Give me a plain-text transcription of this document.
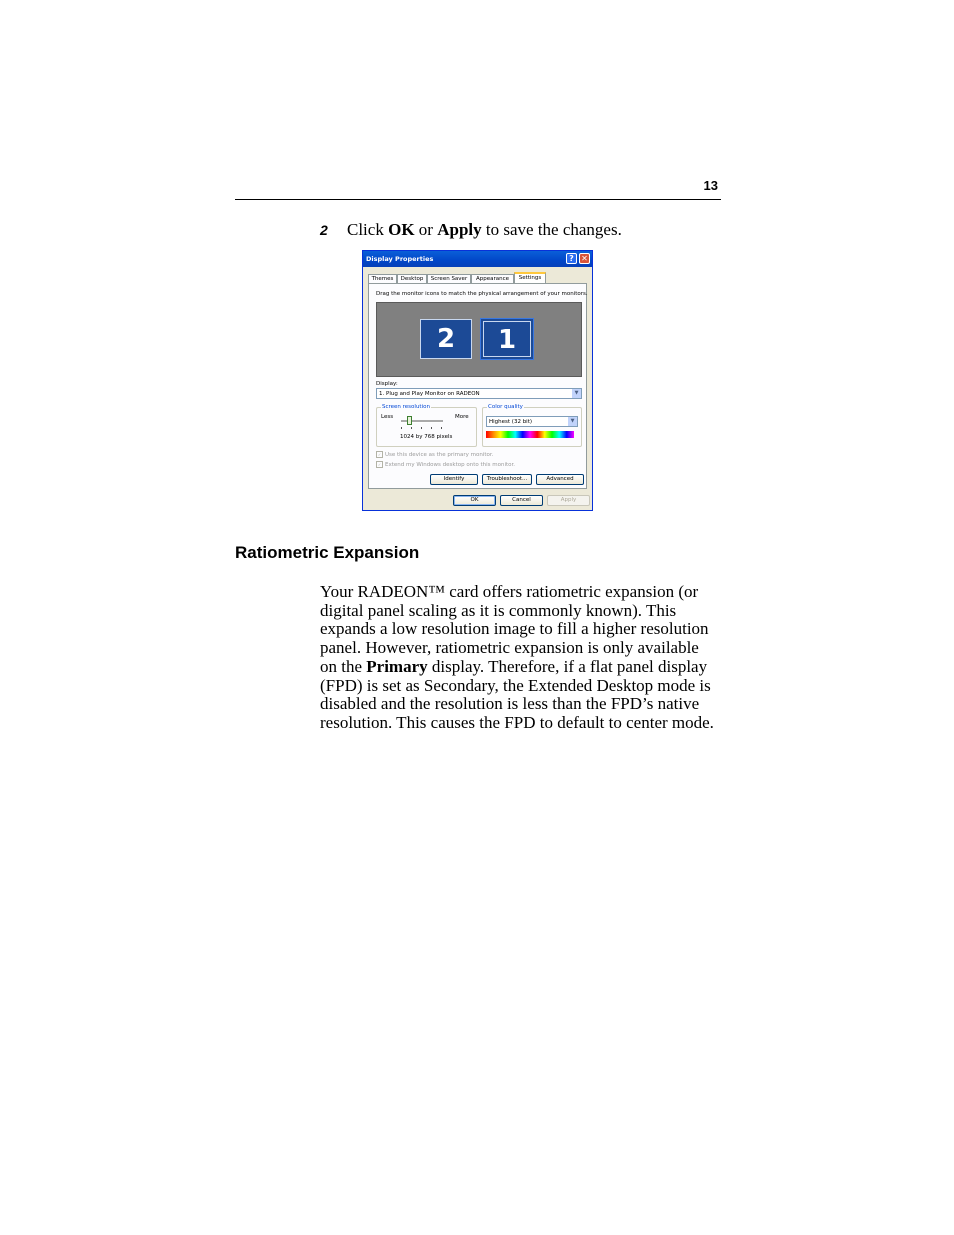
13
2 Click OK or Apply to save the changes.
Display Properties	? ✕
Themes	Desktop	Screen Saver	Appearance	Settings
Drag the monitor icons to match the physical arrangement of your monitors.
2	1
Display:
1. Plug and Play Monitor on RADEON	▼
Screen resolution
Less	More
1024 by 768 pixels
Color quality
Highest (32 bit)	▼
✓ Use this device as the primary monitor.
✓ Extend my Windows desktop onto this monitor.
Identify	Troubleshoot...	Advanced
OK	Cancel	Apply
Ratiometric Expansion

Your RADEON™ card offers ratiometric expansion (or digital panel scaling as it is commonly known). This expands a low resolution image to fill a higher resolution panel. However, ratiometric expansion is only available on the Primary display. Therefore, if a flat panel display (FPD) is set as Secondary, the Extended Desktop mode is disabled and the resolution is less than the FPD’s native resolution. This causes the FPD to default to center mode.
